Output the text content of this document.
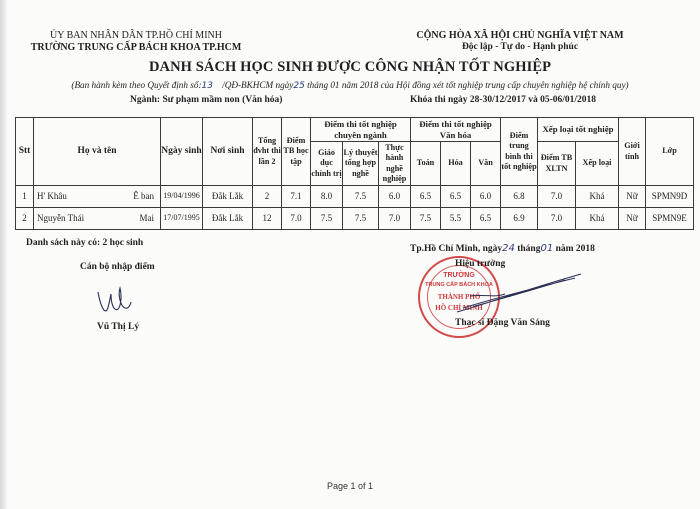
ỦY BAN NHÂN DÂN TP.HỒ CHÍ MINH
TRƯỜNG TRUNG CẤP BÁCH KHOA TP.HCM
CỘNG HÒA XÃ HỘI CHỦ NGHĨA VIỆT NAM
Độc lập - Tự do - Hạnh phúc
DANH SÁCH HỌC SINH ĐƯỢC CÔNG NHẬN TỐT NGHIỆP
(Ban hành kèm theo Quyết định số:13 /QĐ-BKHCM ngày25 tháng 01 năm 2018 của Hội đồng xét tốt nghiệp trung cấp chuyên nghiệp hệ chính quy)
Ngành: Sư phạm mầm non (Văn hóa)	Khóa thi ngày 28-30/12/2017 và 05-06/01/2018
Stt	Họ và tên	Ngày sinh	Nơi sinh	Tổng đvht thi lần 2	Điểm TB học tập	Điểm thi tốt nghiệp chuyên ngành			Điểm thi tốt nghiệp Văn hóa			Điểm trung bình thi tốt nghiệp	Xếp loại tốt nghiệp		Giới tính	Lớp
						Giáo dục chính trị	Lý thuyết tổng hợp nghề	Thực hành nghề nghiệp	Toán	Hóa	Văn		Điểm TB XLTN	Xếp loại		
1	H' Khâu Ê ban	19/04/1996	Đắk Lắk	2	7.1	8.0	7.5	6.0	6.5	6.5	6.0	6.8	7.0	Khá	Nữ	SPMN9D
2	Nguyễn Thái Mai	17/07/1995	Đắk Lắk	12	7.0	7.5	7.5	7.0	7.5	5.5	6.5	6.9	7.0	Khá	Nữ	SPMN9E
Danh sách này có: 2 học sinh
Cán bộ nhập điểm
Vũ Thị Lý
Tp.Hồ Chí Minh, ngày24 tháng01 năm 2018
TRƯỜNG
TRUNG CẤP BÁCH KHOA
THÀNH PHỐ
HỒ CHÍ MINH
Hiệu trưởng
Thạc sĩ Đặng Văn Sáng
Page 1 of 1
